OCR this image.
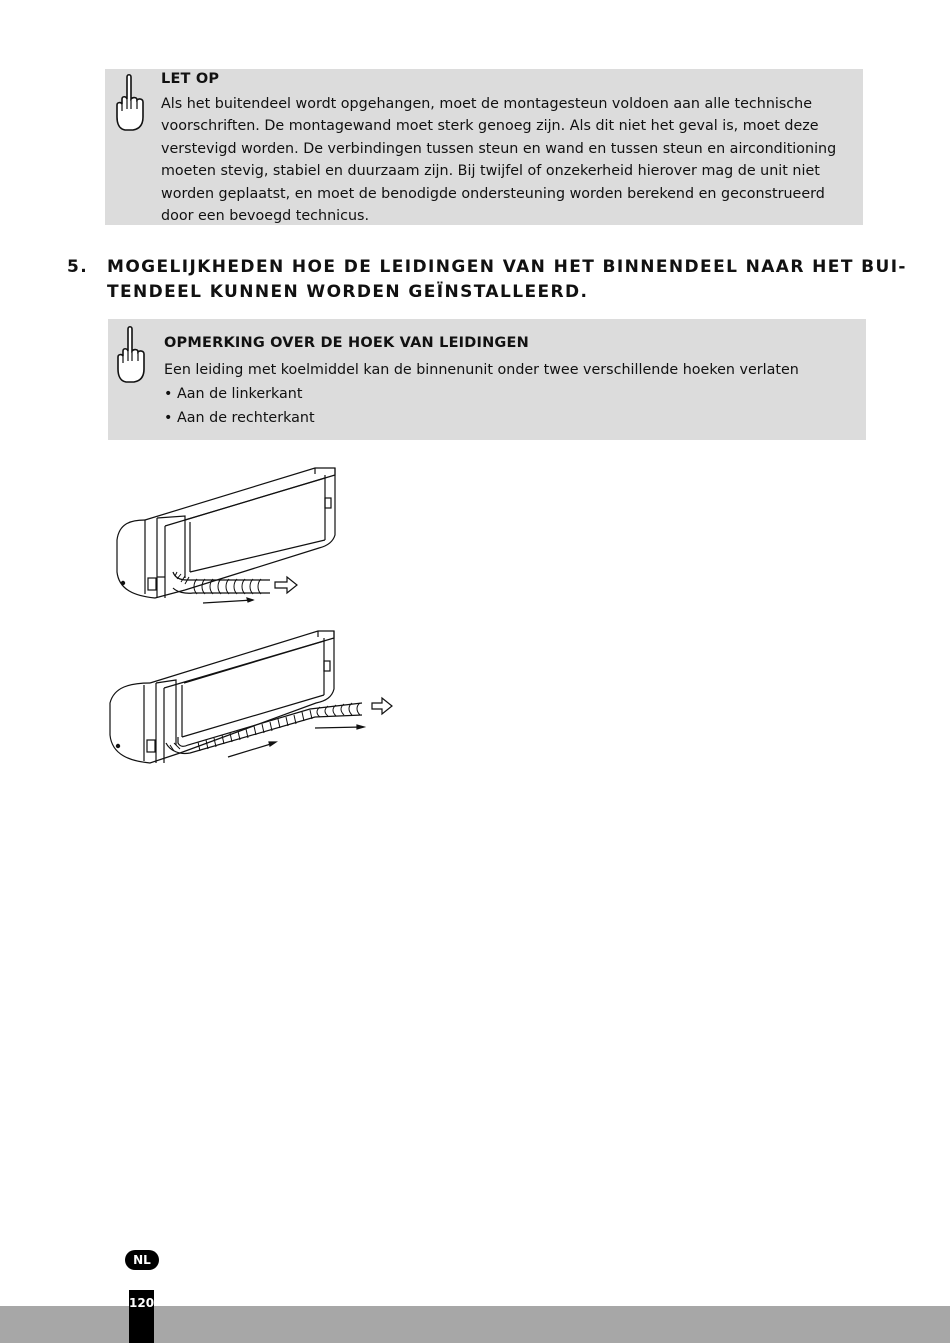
LET OP
Als het buitendeel wordt opgehangen, moet de montagesteun voldoen aan alle technische
voorschriften. De montagewand moet sterk genoeg zijn. Als dit niet het geval is, moet deze
verstevigd worden. De verbindingen tussen steun en wand en tussen steun en airconditioning
moeten stevig, stabiel en duurzaam zijn. Bij twijfel of onzekerheid hierover mag de unit niet
worden geplaatst, en moet de benodigde ondersteuning worden berekend en geconstrueerd
door een bevoegd technicus.
5. MOGELIJKHEDEN HOE DE LEIDINGEN VAN HET BINNENDEEL NAAR HET BUI-
TENDEEL KUNNEN WORDEN GEÏNSTALLEERD.
OPMERKING OVER DE HOEK VAN LEIDINGEN
Een leiding met koelmiddel kan de binnenunit onder twee verschillende hoeken verlaten
• Aan de linkerkant
• Aan de rechterkant
NL
120
